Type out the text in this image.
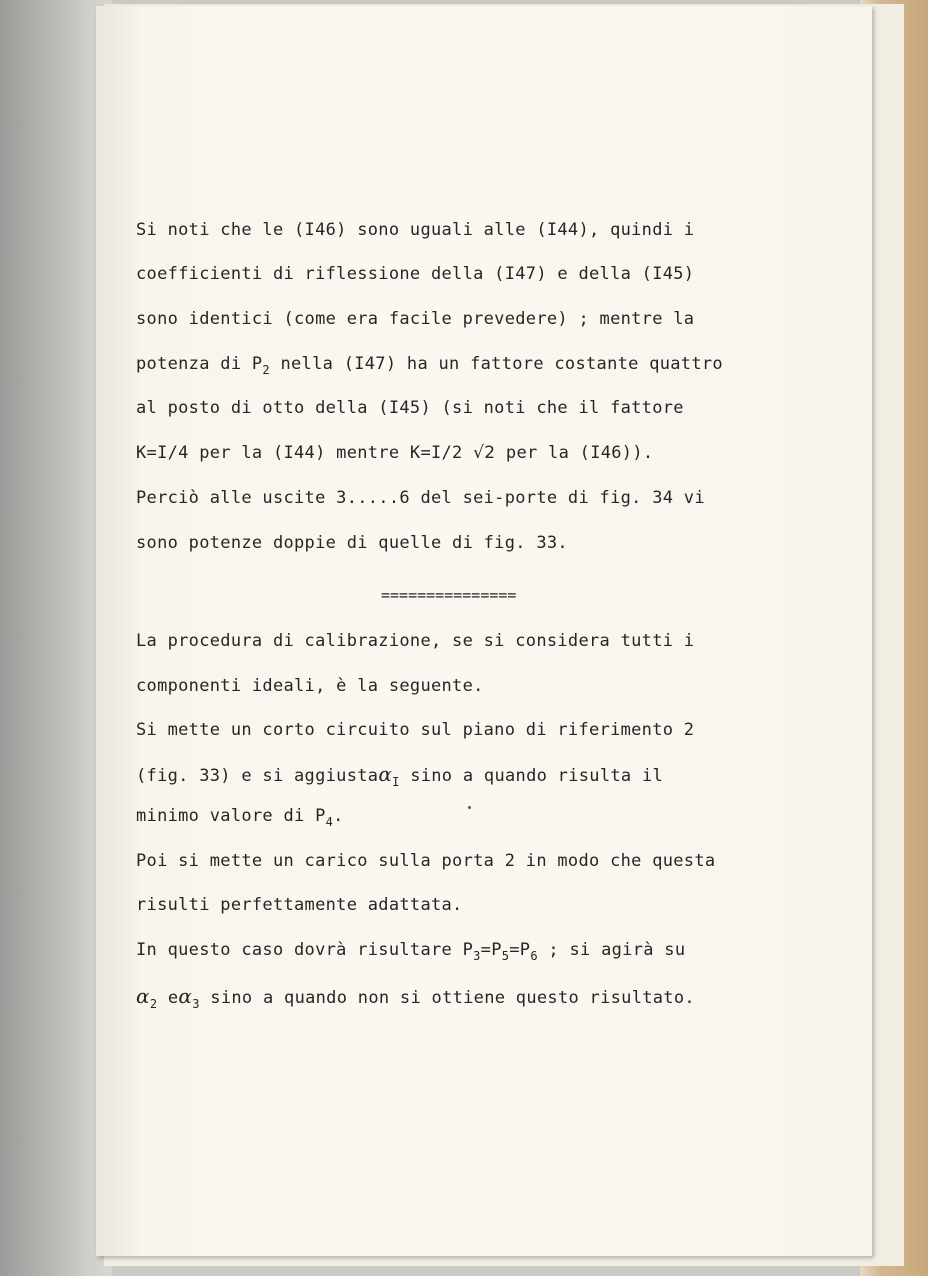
Si noti che le (I46) sono uguali alle (I44), quindi i
coefficienti di riflessione della (I47) e della (I45)
sono identici (come era facile prevedere) ; mentre la
potenza di $P_2$ nella (I47) ha un fattore costante quattro
al posto di otto della (I45) (si noti che il fattore
K=I/4 per la (I44) mentre K=I/2 √2 per la (I46)).
Perciò alle uscite 3.....6 del sei-porte di fig. 34 vi
sono potenze doppie di quelle di fig. 33.
===============
La procedura di calibrazione, se si considera tutti i
componenti ideali, è la seguente.
Si mette un corto circuito sul piano di riferimento 2
(fig. 33) e si aggiustaα$_I$ sino a quando risulta il
minimo valore di $P_4$.
Poi si mette un carico sulla porta 2 in modo che questa
risulti perfettamente adattata.
In questo caso dovrà risultare $P_3=P_5=P_6$ ; si agirà su
$\alpha_2$ $e\alpha_3$ sino a quando non si ottiene questo risultato.
